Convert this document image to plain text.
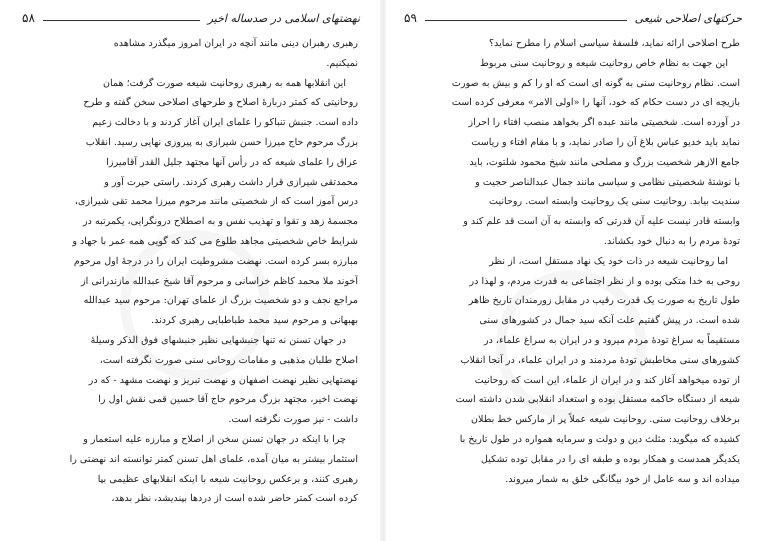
نهضتهای اسلامی در صدساله اخیر
۵۸
رهبری رهبران دینی مانند آنچه در ایران امروز میگذرد مشاهده
نمیکنیم.
این انقلابها همه به رهبری روحانیت شیعه صورت گرفت؛ همان
روحانیتی که کمتر دربارهٔ اصلاح و طرحهای اصلاحی سخن گفته و طرح
داده است. جنبش تنباکو را علمای ایران آغاز کردند و با دخالت زعیم
بزرگ مرحوم حاج میرزا حسن شیرازی به پیروزی نهایی رسید. انقلاب
عراق را علمای شیعه که در رأس آنها مجتهد جلیل القدر آقامیرزا
محمدتقی شیرازی قرار داشت رهبری کردند. راستی حیرت آور و
درس آموز است که از شخصیتی مانند مرحوم میرزا محمد تقی شیرازی،
مجسمهٔ زهد و تقوا و تهذیب نفس و به اصطلاح درونگرایی، یکمرتبه در
شرایط خاص شخصیتی مجاهد طلوع می کند که گویی همه عمر با جهاد و
مبارزه بسر کرده است. نهضت مشروطیت ایران را در درجهٔ اول مرحوم
آخوند ملا محمد کاظم خراسانی و مرحوم آقا شیخ عبدالله مازندرانی از
مراجع نجف و دو شخصیت بزرگ از علمای تهران: مرحوم سید عبدالله
بهبهانی و مرحوم سید محمد طباطبایی رهبری کردند.
در جهان تسنن نه تنها جنبشهایی نظیر جنبشهای فوق الذکر وسیلهٔ
اصلاح طلبان مذهبی و مقامات روحانی سنی صورت نگرفته است،
نهضتهایی نظیر نهضت اصفهان و نهضت تبریز و نهضت مشهد - که در
نهضت اخیر، مجتهد بزرگ مرحوم حاج آقا حسین قمی نقش اول را
داشت - نیز صورت نگرفته است.
چرا با اینکه در جهان تسنن سخن از اصلاح و مبارزه علیه استعمار و
استثمار بیشتر به میان آمده، علمای اهل تسنن کمتر توانسته اند نهضتی را
رهبری کنند، و برعکس روحانیت شیعه با اینکه انقلابهای عظیمی بپا
کرده است کمتر حاضر شده است از دردها بپندیشد، نظر بدهد،
حرکتهای اصلاحی شیعی
۵۹
طرح اصلاحی ارائه نماید، فلسفهٔ سیاسی اسلام را مطرح نماید؟
این جهت به نظام خاص روحانیت شیعه و روحانیت سنی مربوط
است. نظام روحانیت سنی به گونه ای است که او را کم و بیش به صورت
بازیچه ای در دست حکام که خود، آنها را «اولی الامر» معرفی کرده است
در آورده است. شخصیتی مانند عبده اگر بخواهد منصب افتاء را احراز
نماید باید خدیو عباس بلاغ آن را صادر نماید، و با مقام افتاء و ریاست
جامع الازهر شخصیت بزرگ و مصلحی مانند شیخ محمود شلتوت، باید
با نوشتهٔ شخصیتی نظامی و سیاسی مانند جمال عبدالناصر حجیت و
سندیت بیابد. روحانیت سنی یک روحانیت وابسته است. روحانیت
وابسته قادر نیست علیه آن قدرتی که وابسته به آن است قد علم کند و
تودهٔ مردم را به دنبال خود بکشاند.
اما روحانیت شیعه در ذات خود یک نهاد مستقل است، از نظر
روحی به خدا متکی بوده و از نظر اجتماعی به قدرت مردم، و لهذا در
طول تاریخ به صورت یک قدرت رقیب در مقابل زورمندان تاریخ ظاهر
شده است. در پیش گفتیم علت آنکه سید جمال در کشورهای سنی
مستقیماً به سراغ تودهٔ مردم میرود و در ایران به سراغ علماء، در
کشورهای سنی مخاطبش تودهٔ مردمند و در ایران علماء، در آنجا انقلاب
از توده میخواهد آغاز کند و در ایران از علماء، این است که روحانیت
شیعه از دستگاه حاکمه مستقل بوده و استعداد انقلابی شدن داشته است
برخلاف روحانیت سنی. روحانیت شیعه عملاً پر از مارکس خط بطلان
کشیده که میگوید: مثلث دین و دولت و سرمایه همواره در طول تاریخ با
یکدیگر همدست و همکار بوده و طبقه ای را در مقابل توده تشکیل
میداده اند و سه عامل از خود بیگانگی خلق به شمار میروند.
